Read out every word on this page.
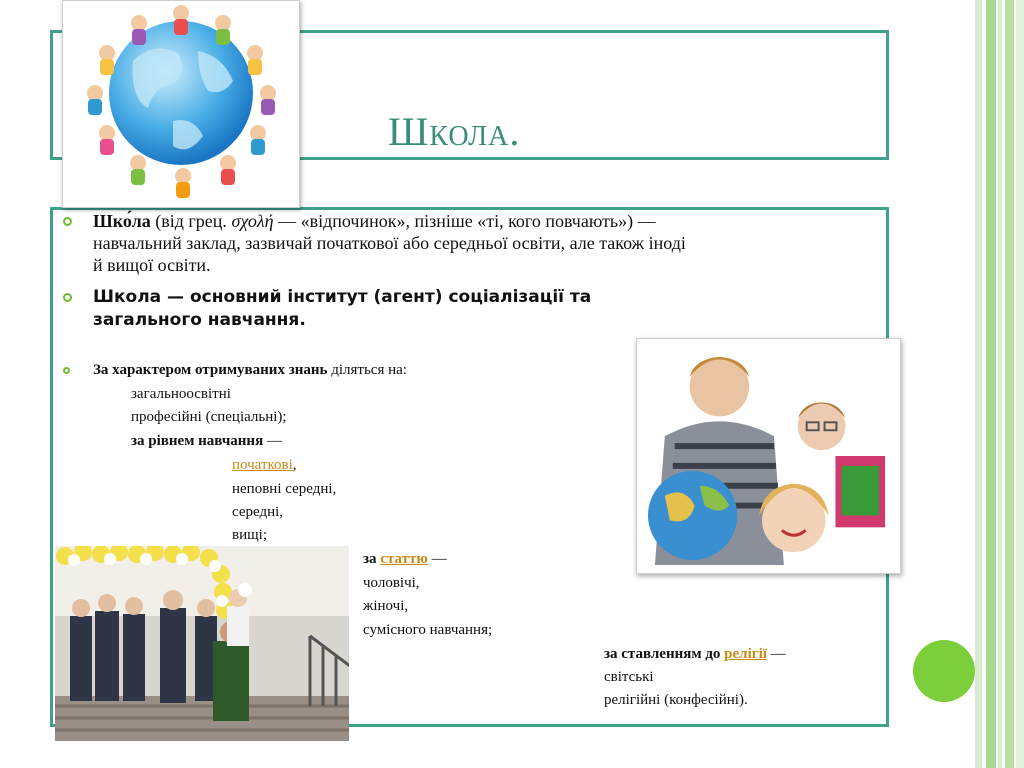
Школа.
Шко́ла (від грец. σχολή — «відпочинок», пізніше «ті, кого повчають») —
навчальний заклад, зазвичай початкової або середньої освіти, але також іноді
й вищої освіти.
Школа — основний інститут (агент) соціалізації та
загального навчання.
За характером отримуваних знань діляться на:
загальноосвітні
професійні (спеціальні);
за рівнем навчання —
початкові,
неповні середні,
середні,
вищі;
за статтю —
чоловічі,
жіночі,
сумісного навчання;
за ставленням до релігії —
світські
релігійні (конфесійні).
